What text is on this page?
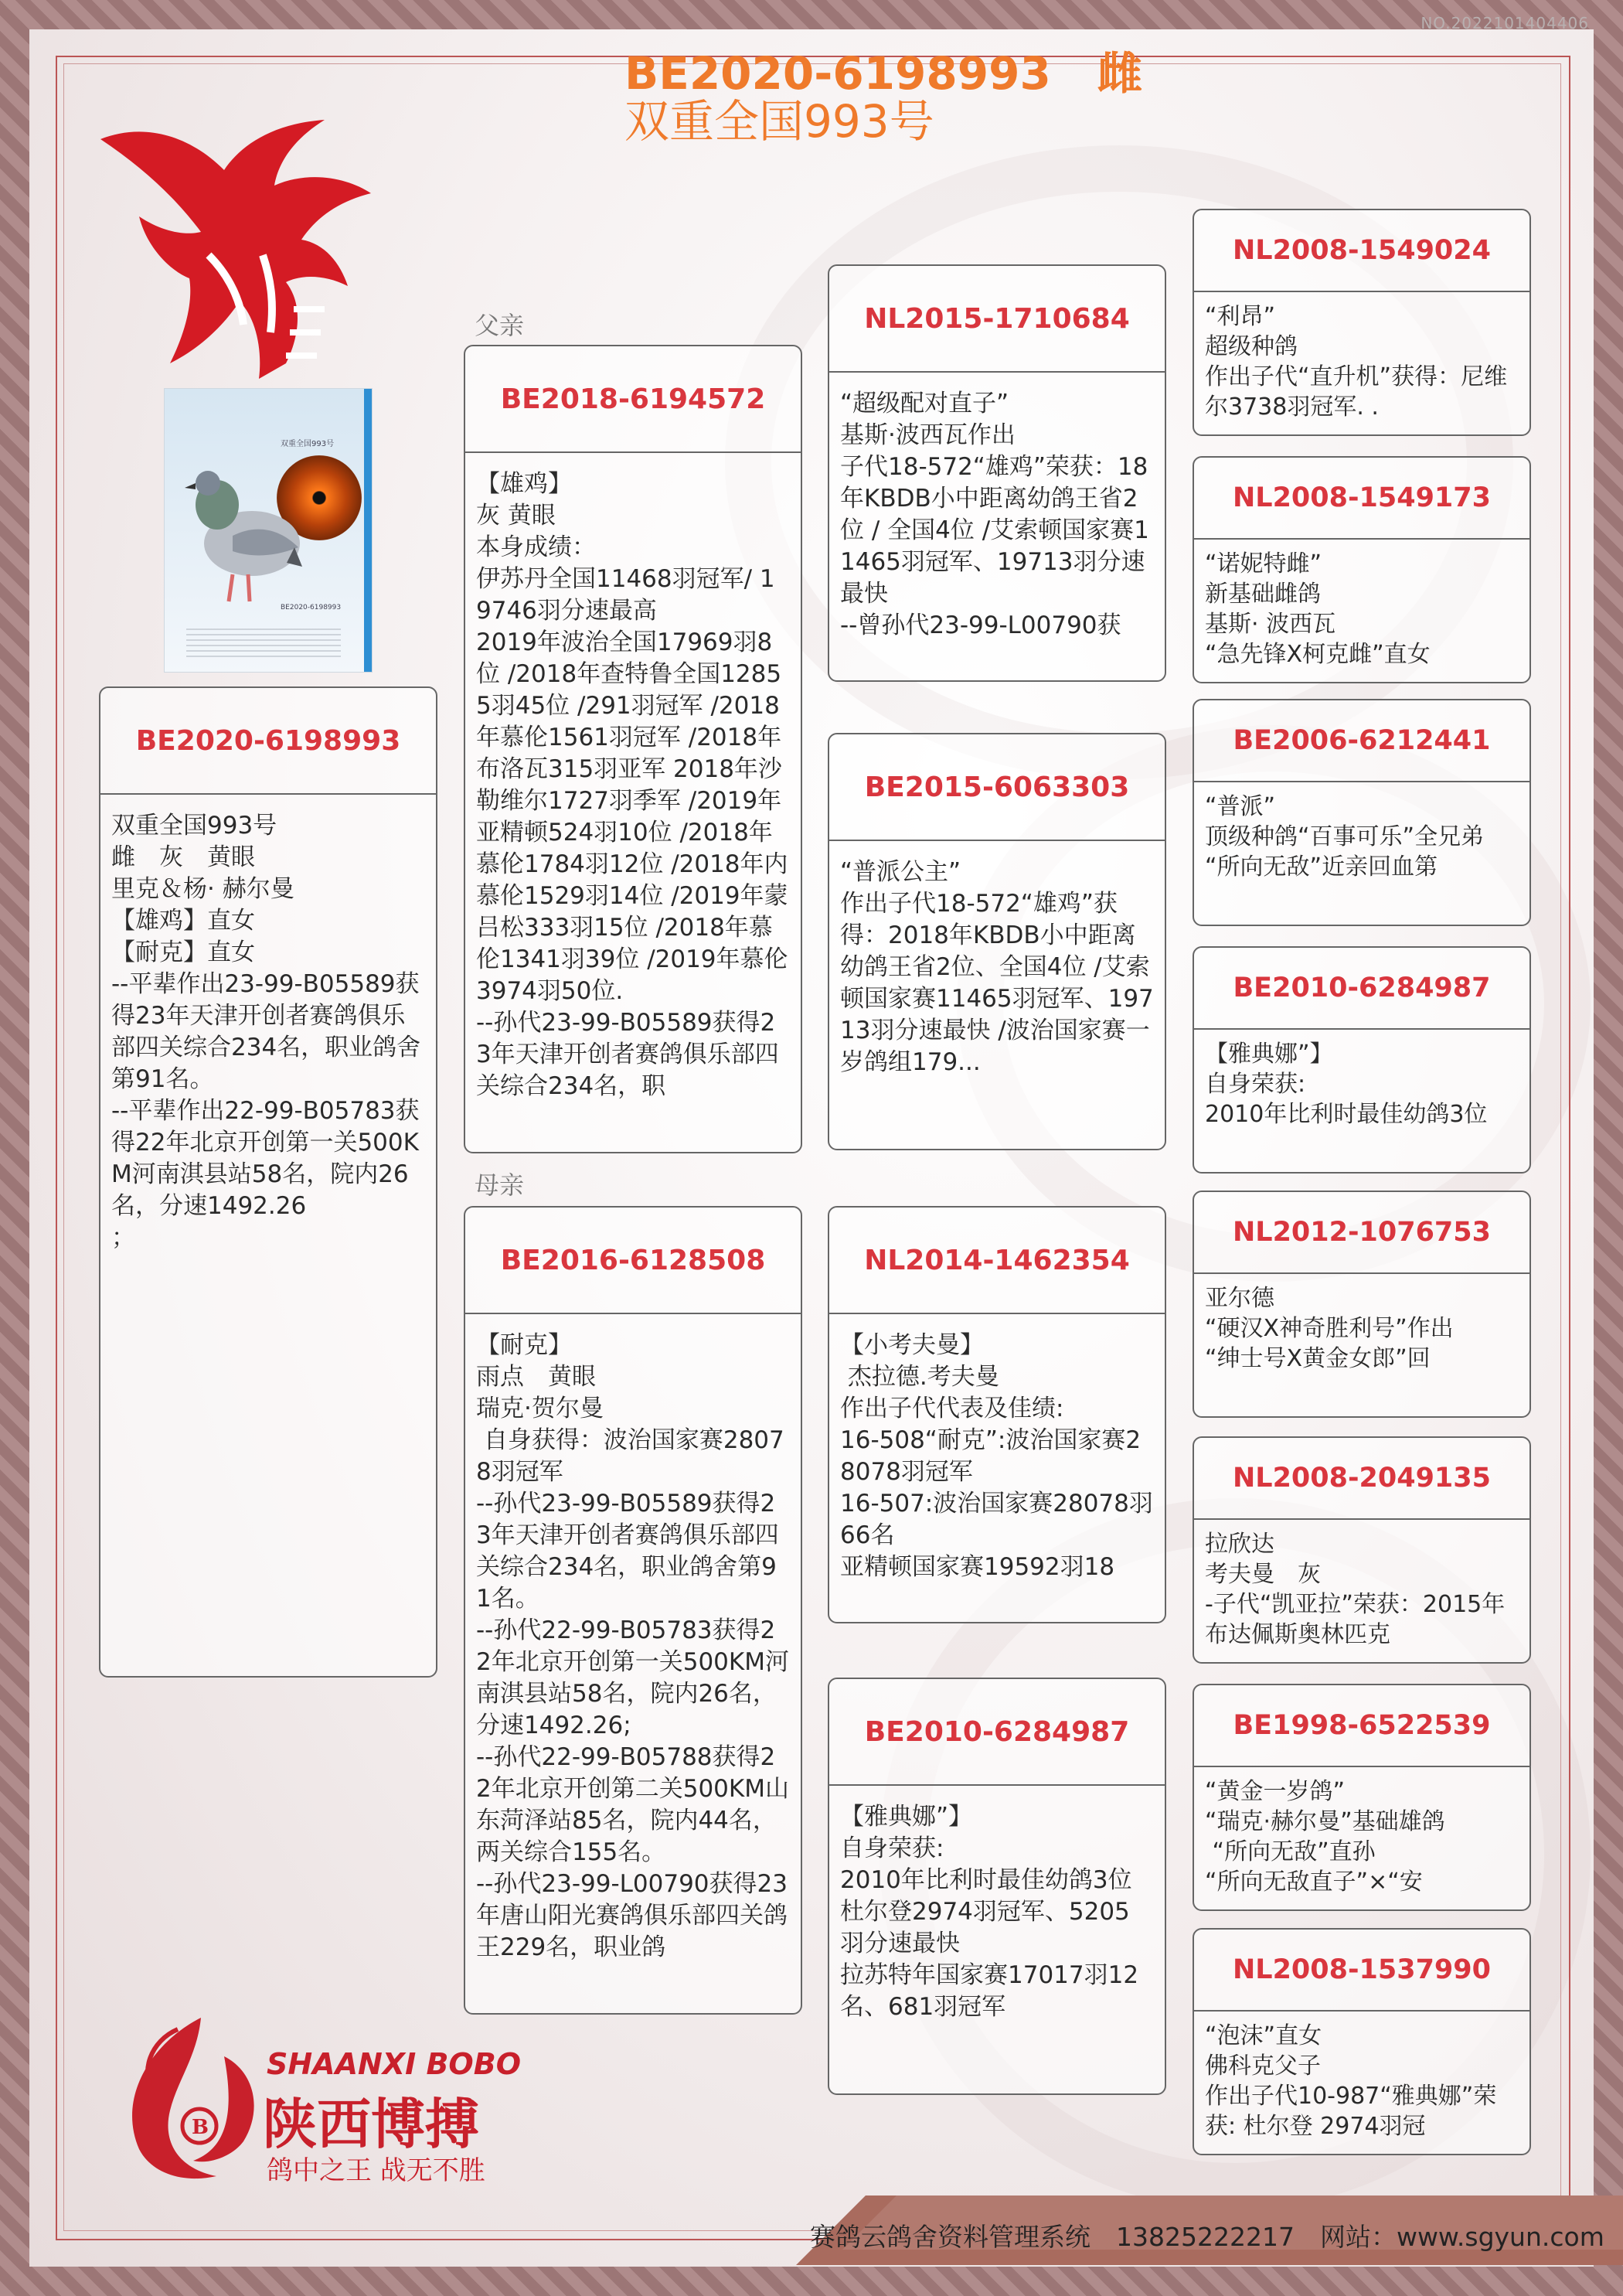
NO.2022101404406
BE2020-6198993 雌
双重全国993号
双重全国993号
BE2020-6198993
父亲
母亲
BE2020-6198993
双重全国993号
雌　灰　黄眼
里克＆杨· 赫尔曼
【雄鸡】直女
【耐克】直女
--平辈作出23-99-B05589获得23年天津开创者赛鸽俱乐部四关综合234名，职业鸽舍第91名。
--平辈作出22-99-B05783获得22年北京开创第一关500KM河南淇县站58名，院内26名，分速1492.26
；
BE2018-6194572
【雄鸡】
灰 黄眼
本身成绩：
伊苏丹全国11468羽冠军/ 19746羽分速最高
2019年波治全国17969羽8位 /2018年查特鲁全国12855羽45位 /291羽冠军 /2018年慕伦1561羽冠军 /2018年布洛瓦315羽亚军 2018年沙勒维尔1727羽季军 /2019年亚精顿524羽10位 /2018年慕伦1784羽12位 /2018年内慕伦1529羽14位 /2019年蒙吕松333羽15位 /2018年慕伦1341羽39位 /2019年慕伦3974羽50位.
--孙代23-99-B05589获得23年天津开创者赛鸽俱乐部四关综合234名，职
BE2016-6128508
【耐克】
雨点　黄眼
瑞克·贺尔曼
自身获得：波治国家赛28078羽冠军
--孙代23-99-B05589获得23年天津开创者赛鸽俱乐部四关综合234名，职业鸽舍第91名。
--孙代22-99-B05783获得22年北京开创第一关500KM河南淇县站58名，院内26名，分速1492.26;
--孙代22-99-B05788获得22年北京开创第二关500KM山东菏泽站85名，院内44名，两关综合155名。
--孙代23-99-L00790获得23年唐山阳光赛鸽俱乐部四关鸽王229名，职业鸽
NL2015-1710684
“超级配对直子”
基斯·波西瓦作出
子代18-572“雄鸡”荣获：18年KBDB小中距离幼鸽王省2位 / 全国4位 /艾索顿国家赛11465羽冠军、19713羽分速最快
--曾孙代23-99-L00790获
BE2015-6063303
“普派公主”
作出子代18-572“雄鸡”获得：2018年KBDB小中距离幼鸽王省2位、全国4位 /艾索顿国家赛11465羽冠军、19713羽分速最快 /波治国家赛一岁鸽组179...
NL2014-1462354
【小考夫曼】
杰拉德.考夫曼
作出子代代表及佳绩:
16-508“耐克”:波治国家赛28078羽冠军
16-507:波治国家赛28078羽66名
亚精顿国家赛19592羽18
BE2010-6284987
【雅典娜”】
自身荣获:
2010年比利时最佳幼鸽3位
杜尔登2974羽冠军、5205 羽分速最快
拉苏特年国家赛17017羽12名、681羽冠军
NL2008-1549024
“利昂”
超级种鸽
作出子代“直升机”获得：尼维尔3738羽冠军. .
NL2008-1549173
“诺妮特雌”
新基础雌鸽
基斯· 波西瓦
“急先锋X柯克雌”直女
BE2006-6212441
“普派”
顶级种鸽“百事可乐”全兄弟
“所向无敌”近亲回血第
BE2010-6284987
【雅典娜”】
自身荣获:
2010年比利时最佳幼鸽3位
NL2012-1076753
亚尔德
“硬汉X神奇胜利号”作出
“绅士号X黄金女郎”回
NL2008-2049135
拉欣达
考夫曼　灰
-子代“凯亚拉”荣获：2015年布达佩斯奥林匹克
BE1998-6522539
“黄金一岁鸽”
“瑞克·赫尔曼”基础雄鸽
“所向无敌”直孙
“所向无敌直子”×“安
NL2008-1537990
“泡沫”直女
佛科克父子
作出子代10-987“雅典娜”荣获: 杜尔登 2974羽冠
B
SHAANXI BOBO
陕西博搏
鸽中之王 战无不胜
赛鸽云鸽舍资料管理系统　13825222217　网站：www.sgyun.com
